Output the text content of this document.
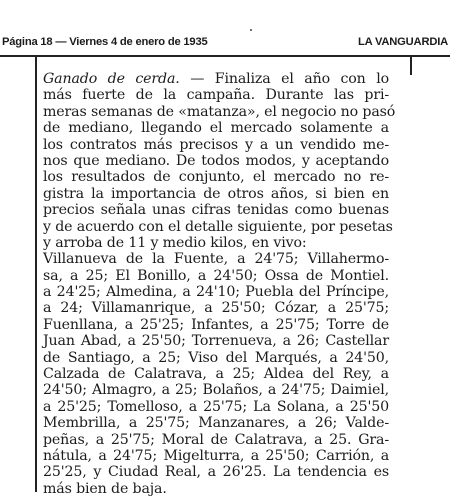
Página 18 — Viernes 4 de enero de 1935	LA VANGUARDIA
Ganado de cerda. — Finaliza el año con lo
más fuerte de la campaña. Durante las pri-
meras semanas de «matanza», el negocio no pasó
de mediano, llegando el mercado solamente a
los contratos más precisos y a un vendido me-
nos que mediano. De todos modos, y aceptando
los resultados de conjunto, el mercado no re-
gistra la importancia de otros años, si bien en
precios señala unas cifras tenidas como buenas
y de acuerdo con el detalle siguiente, por pesetas
y arroba de 11 y medio kilos, en vivo:
Villanueva de la Fuente, a 24'75; Villahermo-
sa, a 25; El Bonillo, a 24'50; Ossa de Montiel.
a 24'25; Almedina, a 24'10; Puebla del Príncipe,
a 24; Villamanrique, a 25'50; Cózar, a 25'75;
Fuenllana, a 25'25; Infantes, a 25'75; Torre de
Juan Abad, a 25'50; Torrenueva, a 26; Castellar
de Santiago, a 25; Viso del Marqués, a 24'50,
Calzada de Calatrava, a 25; Aldea del Rey, a
24'50; Almagro, a 25; Bolaños, a 24'75; Daimiel,
a 25'25; Tomelloso, a 25'75; La Solana, a 25'50
Membrilla, a 25'75; Manzanares, a 26; Valde-
peñas, a 25'75; Moral de Calatrava, a 25. Gra-
nátula, a 24'75; Migelturra, a 25'50; Carrión, a
25'25, y Ciudad Real, a 26'25. La tendencia es
más bien de baja.
